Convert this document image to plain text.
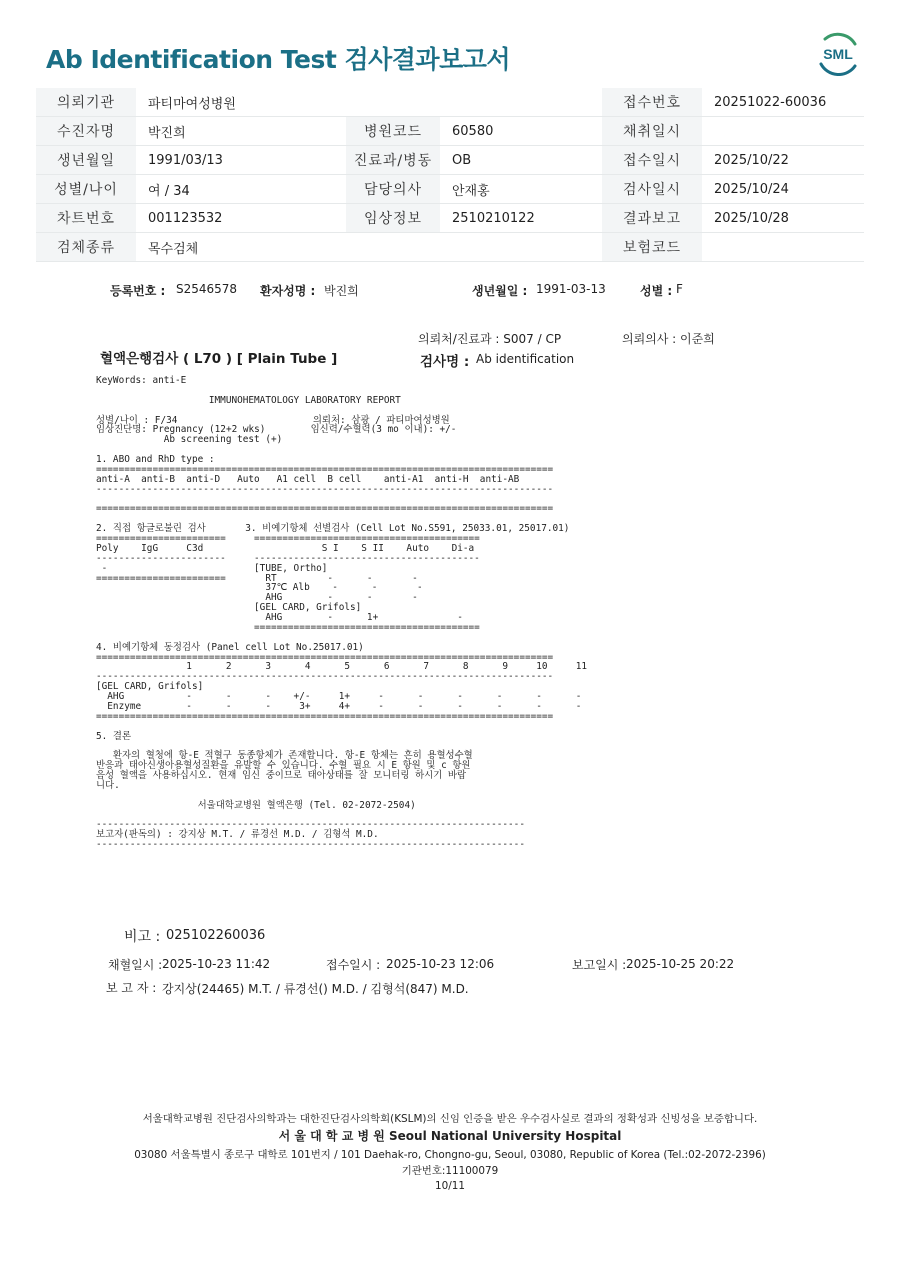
Ab Identification Test 검사결과보고서	SML
의뢰기관	파티마여성병원			접수번호	20251022-60036
수진자명	박진희	병원코드	60580	채취일시	
생년월일	1991/03/13	진료과/병동	OB	접수일시	2025/10/22
성별/나이	여 / 34	담당의사	안재홍	검사일시	2025/10/24
차트번호	001123532	임상정보	2510210122	결과보고	2025/10/28
검체종류	목수검체			보험코드	
등록번호 : S2546578 환자성명 : 박진희	생년월일 : 1991-03-13	성별 : F
의뢰처/진료과 : S007 / CP	의뢰의사 : 이준희
혈액은행검사 ( L70 ) [ Plain Tube ]	검사명 : Ab identification
KeyWords: anti-E

IMMUNOHEMATOLOGY LABORATORY REPORT

성별/나이 : F/34                        의뢰처: 삼광 / 파티마여성병원
임상진단명: Pregnancy (12+2 wks)        임신력/수혈력(3 mo 이내): +/-
Ab screening test (+)

1. ABO and RhD type :
=================================================================================
anti-A  anti-B  anti-D   Auto   A1 cell  B cell    anti-A1  anti-H  anti-AB
---------------------------------------------------------------------------------

=================================================================================

2. 직접 항글로불린 검사       3. 비예기항체 선별검사 (Cell Lot No.S591, 25033.01, 25017.01)
=======================     ========================================
Poly    IgG     C3d                     S I    S II    Auto    Di-a
-----------------------     ----------------------------------------
-                          [TUBE, Ortho]
=======================       RT         -      -       -
37℃ Alb    -      -       -
AHG        -      -       -
[GEL CARD, Grifols]
AHG        -      1+              -
========================================

4. 비예기항체 동정검사 (Panel cell Lot No.25017.01)
=================================================================================
1      2      3      4      5      6      7      8      9     10     11
---------------------------------------------------------------------------------
[GEL CARD, Grifols]
AHG           -      -      -    +/-     1+     -      -      -      -      -      -
Enzyme        -      -      -     3+     4+     -      -      -      -      -      -
=================================================================================

5. 결론

환자의 혈청에 항-E 적혈구 동종항체가 존재합니다. 항-E 항체는 흔히 용혈성수혈
반응과 태아신생아용혈성질환을 유발할 수 있습니다. 수혈 필요 시 E 항원 및 c 항원
음성 혈액을 사용하십시오. 현재 임신 중이므로 태아상태를 잘 모니터링 하시기 바랍
니다.

서울대학교병원 혈액은행 (Tel. 02-2072-2504)

----------------------------------------------------------------------------
보고자(판독의) : 강지상 M.T. / 류경선 M.D. / 김형석 M.D.
----------------------------------------------------------------------------
비고 : 025102260036
채혈일시 : 2025-10-23 11:42	접수일시 : 2025-10-23 12:06	보고일시 : 2025-10-25 20:22
보 고 자 : 강지상(24465) M.T. / 류경선() M.D. / 김형석(847) M.D.
서울대학교병원 진단검사의학과는 대한진단검사의학회(KSLM)의 신임 인증을 받은 우수검사실로 결과의 정확성과 신빙성을 보증합니다.
서 울 대 학 교 병 원 Seoul National University Hospital
03080 서울특별시 종로구 대학로 101번지 / 101 Daehak-ro, Chongno-gu, Seoul, 03080, Republic of Korea (Tel.:02-2072-2396)
기관번호:11100079
10/11
